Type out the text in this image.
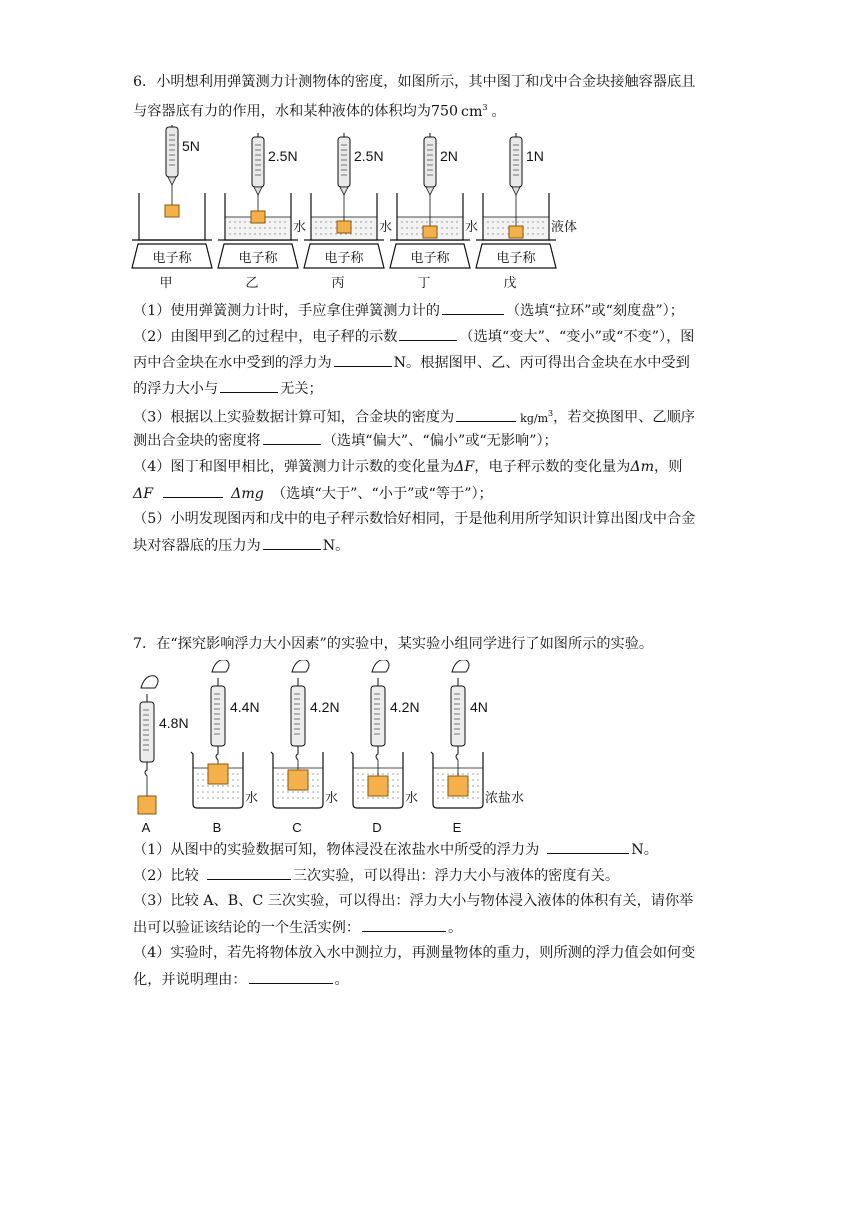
6．小明想利用弹簧测力计测物体的密度，如图所示，其中图丁和戊中合金块接触容器底且
与容器底有力的作用，水和某种液体的体积均为750 $cm^3$ 。
5N
电子称
甲
2.5N
电子称
水
乙
2.5N
电子称
水
丙
2N
电子称
水
丁
1N
电子称
液体
戊
（1）使用弹簧测力计时，手应拿住弹簧测力计的	（选填“拉环”或“刻度盘”）；
（2）由图甲到乙的过程中，电子秤的示数	（选填“变大”、“变小”或“不变”），图
丙中合金块在水中受到的浮力为	N。根据图甲、乙、丙可得出合金块在水中受到
的浮力大小与	无关；
（3）根据以上实验数据计算可知，合金块的密度为	$kg/m^3$，若交换图甲、乙顺序
测出合金块的密度将	（选填“偏大”、“偏小”或“无影响”）；
（4）图丁和图甲相比，弹簧测力计示数的变化量为ΔF，电子秤示数的变化量为Δm，则
ΔF	Δmg （选填“大于”、“小于”或“等于”）；
（5）小明发现图丙和戊中的电子秤示数恰好相同，于是他利用所学知识计算出图戊中合金
块对容器底的压力为	N。
7．在“探究影响浮力大小因素”的实验中，某实验小组同学进行了如图所示的实验。
4.8N
A
4.4N
水
B
4.2N
水
C
4.2N
水
D
4N
浓盐水
E
（1）从图中的实验数据可知，物体浸没在浓盐水中所受的浮力为	N。
（2）比较	三次实验，可以得出：浮力大小与液体的密度有关。
（3）比较 A、B、C 三次实验，可以得出：浮力大小与物体浸入液体的体积有关，请你举
出可以验证该结论的一个生活实例：	。
（4）实验时，若先将物体放入水中测拉力，再测量物体的重力，则所测的浮力值会如何变
化，并说明理由：	。
